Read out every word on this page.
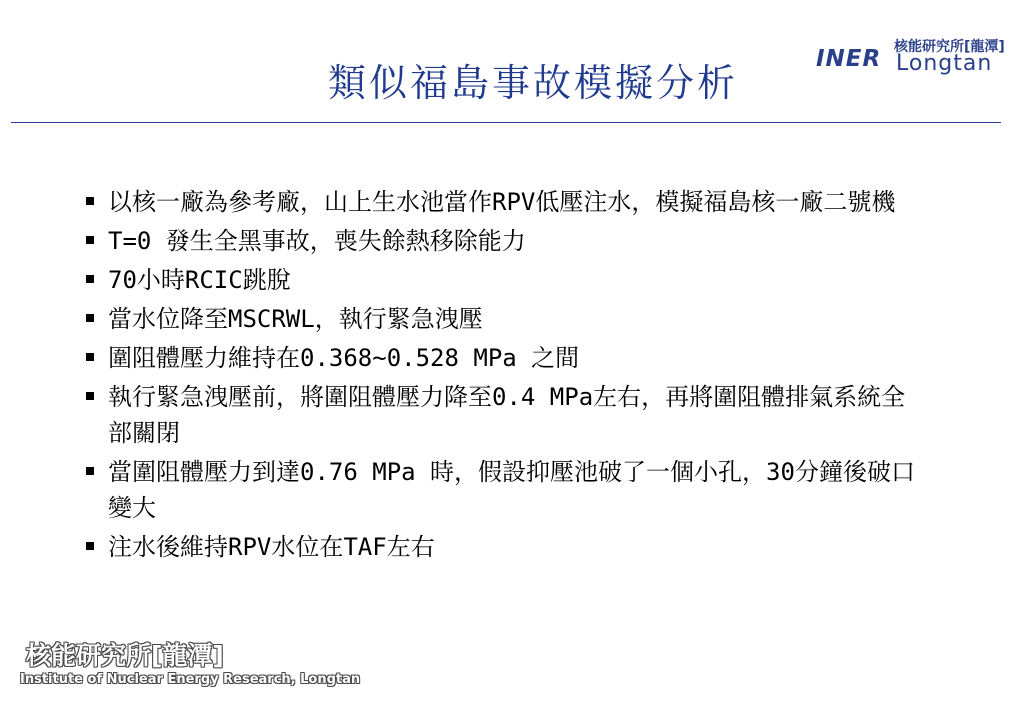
類似福島事故模擬分析
INER 核能研究所[龍潭]
Longtan
以核一廠為參考廠，山上生水池當作RPV低壓注水，模擬福島核一廠二號機
T=0 發生全黑事故，喪失餘熱移除能力
70小時RCIC跳脫
當水位降至MSCRWL，執行緊急洩壓
圍阻體壓力維持在0.368~0.528 MPa 之間
執行緊急洩壓前，將圍阻體壓力降至0.4 MPa左右，再將圍阻體排氣系統全部關閉
當圍阻體壓力到達0.76 MPa 時，假設抑壓池破了一個小孔，30分鐘後破口變大
注水後維持RPV水位在TAF左右
核能研究所[龍潭]
Institute of Nuclear Energy Research, Longtan
